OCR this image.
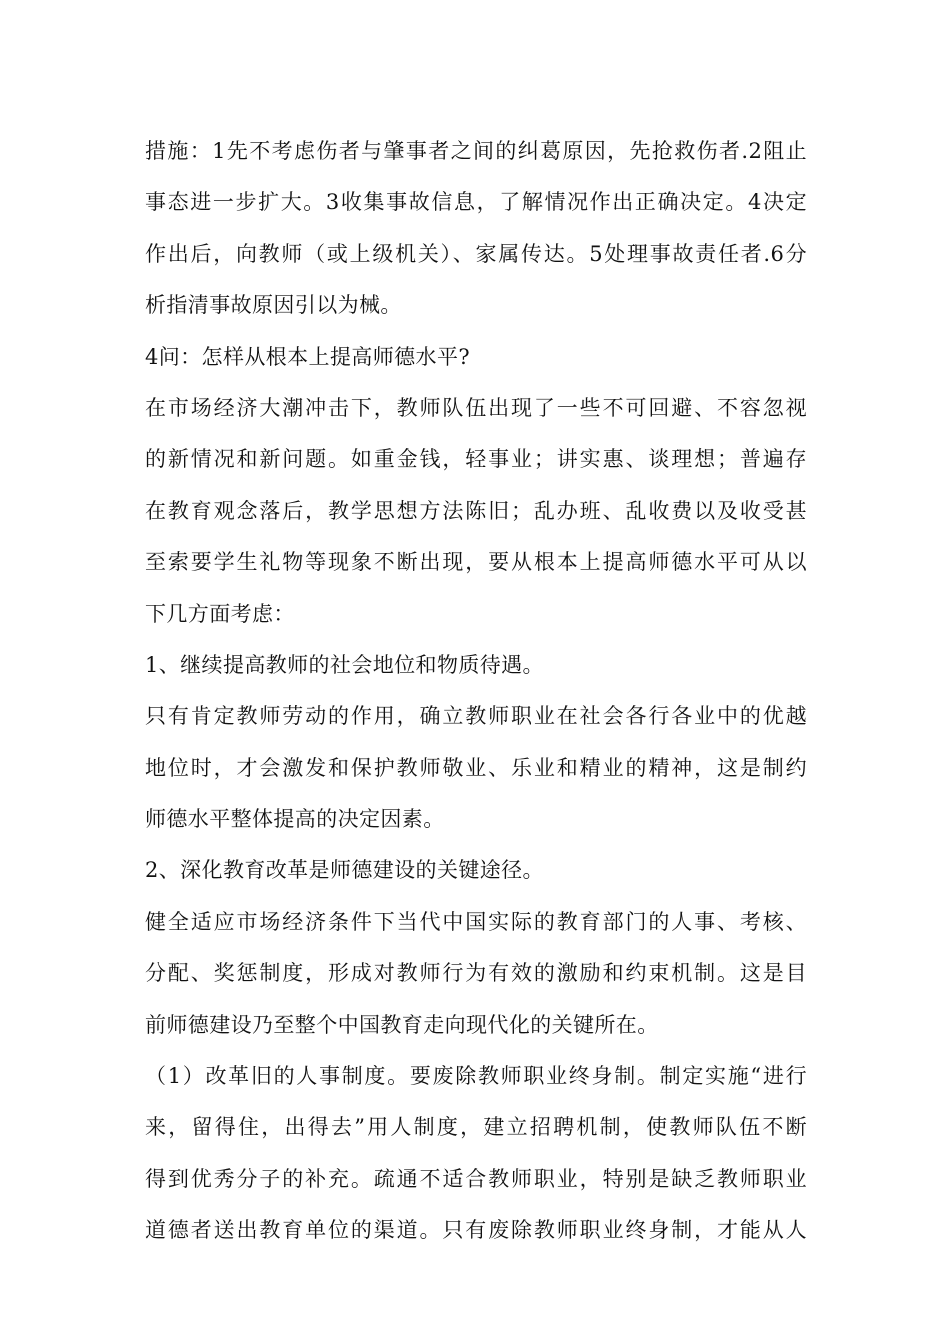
措施：1先不考虑伤者与肇事者之间的纠葛原因，先抢救伤者.2阻止
事态进一步扩大。3收集事故信息，了解情况作出正确决定。4决定
作出后，向教师（或上级机关）、家属传达。5处理事故责任者.6分
析指清事故原因引以为械。
4问：怎样从根本上提高师德水平?
在市场经济大潮冲击下，教师队伍出现了一些不可回避、不容忽视
的新情况和新问题。如重金钱，轻事业；讲实惠、谈理想；普遍存
在教育观念落后，教学思想方法陈旧；乱办班、乱收费以及收受甚
至索要学生礼物等现象不断出现，要从根本上提高师德水平可从以
下几方面考虑：
1、继续提高教师的社会地位和物质待遇。
只有肯定教师劳动的作用，确立教师职业在社会各行各业中的优越
地位时，才会激发和保护教师敬业、乐业和精业的精神，这是制约
师德水平整体提高的决定因素。
2、深化教育改革是师德建设的关键途径。
健全适应市场经济条件下当代中国实际的教育部门的人事、考核、
分配、奖惩制度，形成对教师行为有效的激励和约束机制。这是目
前师德建设乃至整个中国教育走向现代化的关键所在。
（1）改革旧的人事制度。要废除教师职业终身制。制定实施“进行
来，留得住，出得去”用人制度，建立招聘机制，使教师队伍不断
得到优秀分子的补充。疏通不适合教师职业，特别是缺乏教师职业
道德者送出教育单位的渠道。只有废除教师职业终身制，才能从人
